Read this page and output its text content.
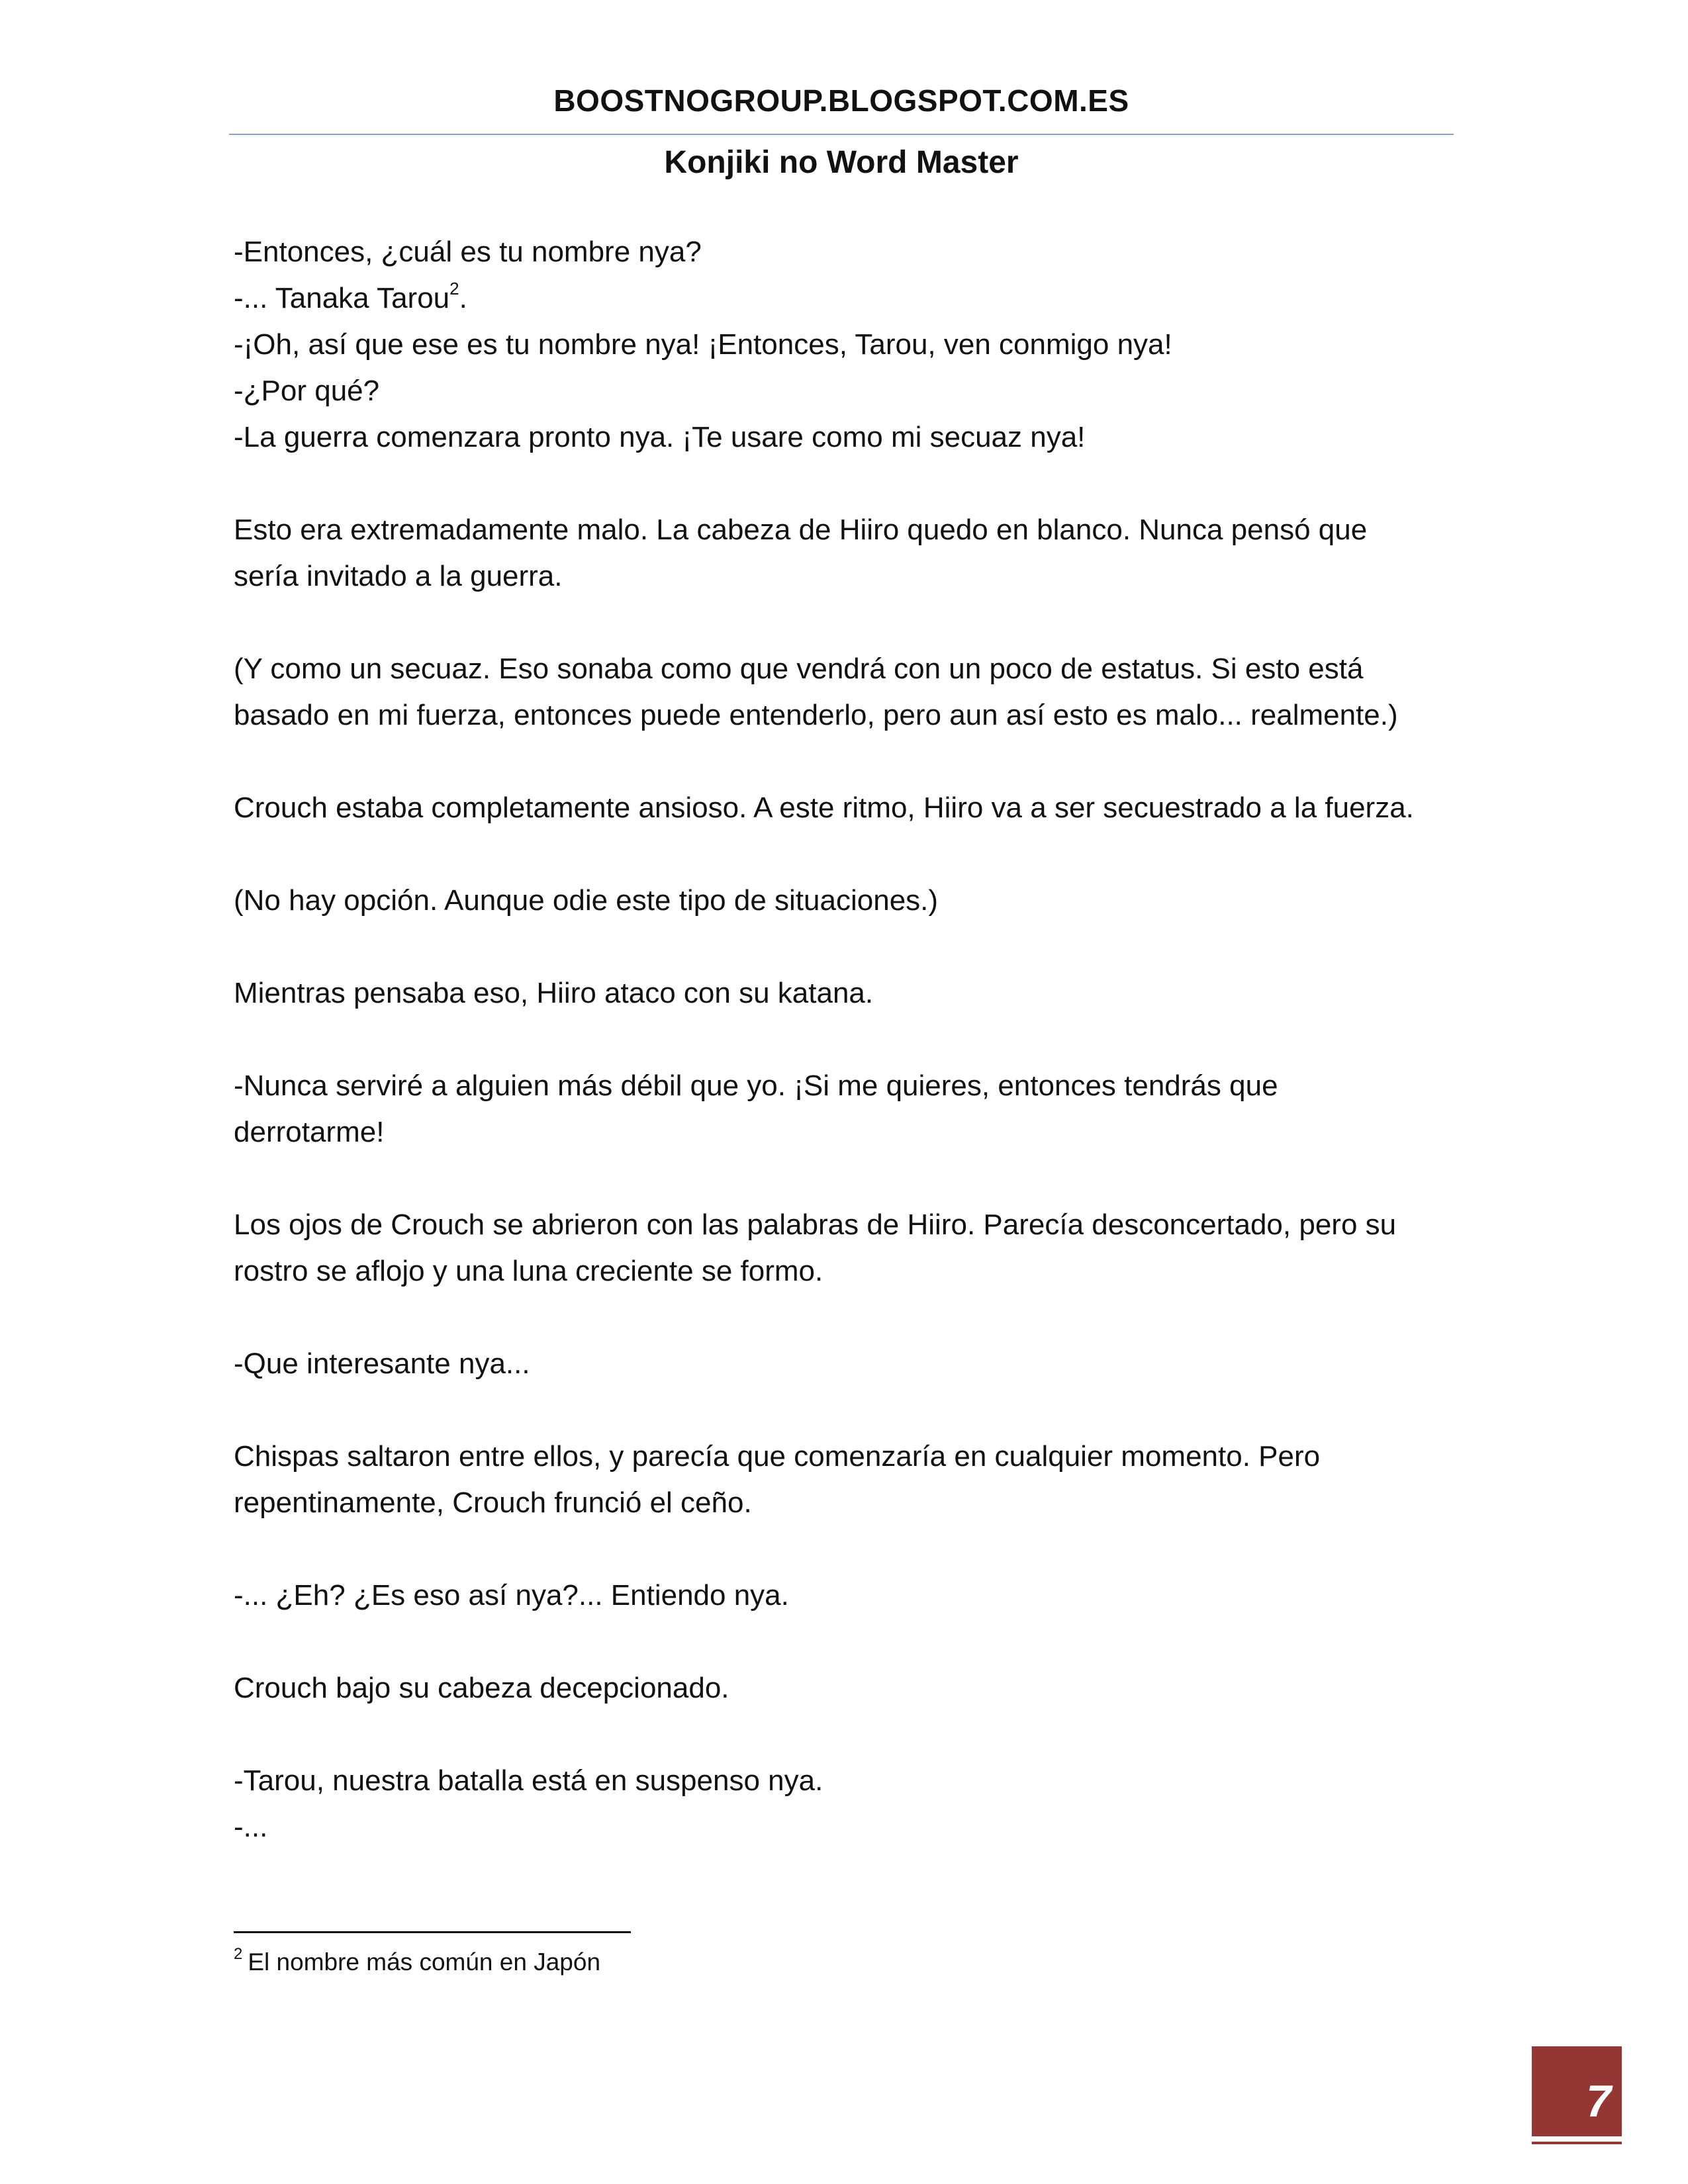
BOOSTNOGROUP.BLOGSPOT.COM.ES
Konjiki no Word Master

-Entonces, ¿cuál es tu nombre nya?

-... Tanaka Tarou$^2$.

-¡Oh, así que ese es tu nombre nya! ¡Entonces, Tarou, ven conmigo nya!

-¿Por qué?

-La guerra comenzara pronto nya. ¡Te usare como mi secuaz nya!

Esto era extremadamente malo. La cabeza de Hiiro quedo en blanco. Nunca pensó que

sería invitado a la guerra.

(Y como un secuaz. Eso sonaba como que vendrá con un poco de estatus. Si esto está

basado en mi fuerza, entonces puede entenderlo, pero aun así esto es malo... realmente.)

Crouch estaba completamente ansioso. A este ritmo, Hiiro va a ser secuestrado a la fuerza.

(No hay opción. Aunque odie este tipo de situaciones.)

Mientras pensaba eso, Hiiro ataco con su katana.

-Nunca serviré a alguien más débil que yo. ¡Si me quieres, entonces tendrás que

derrotarme!

Los ojos de Crouch se abrieron con las palabras de Hiiro. Parecía desconcertado, pero su

rostro se aflojo y una luna creciente se formo.

-Que interesante nya...

Chispas saltaron entre ellos, y parecía que comenzaría en cualquier momento. Pero

repentinamente, Crouch frunció el ceño.

-... ¿Eh? ¿Es eso así nya?... Entiendo nya.

Crouch bajo su cabeza decepcionado.

-Tarou, nuestra batalla está en suspenso nya.

-...

$^2$ El nombre más común en Japón
7
